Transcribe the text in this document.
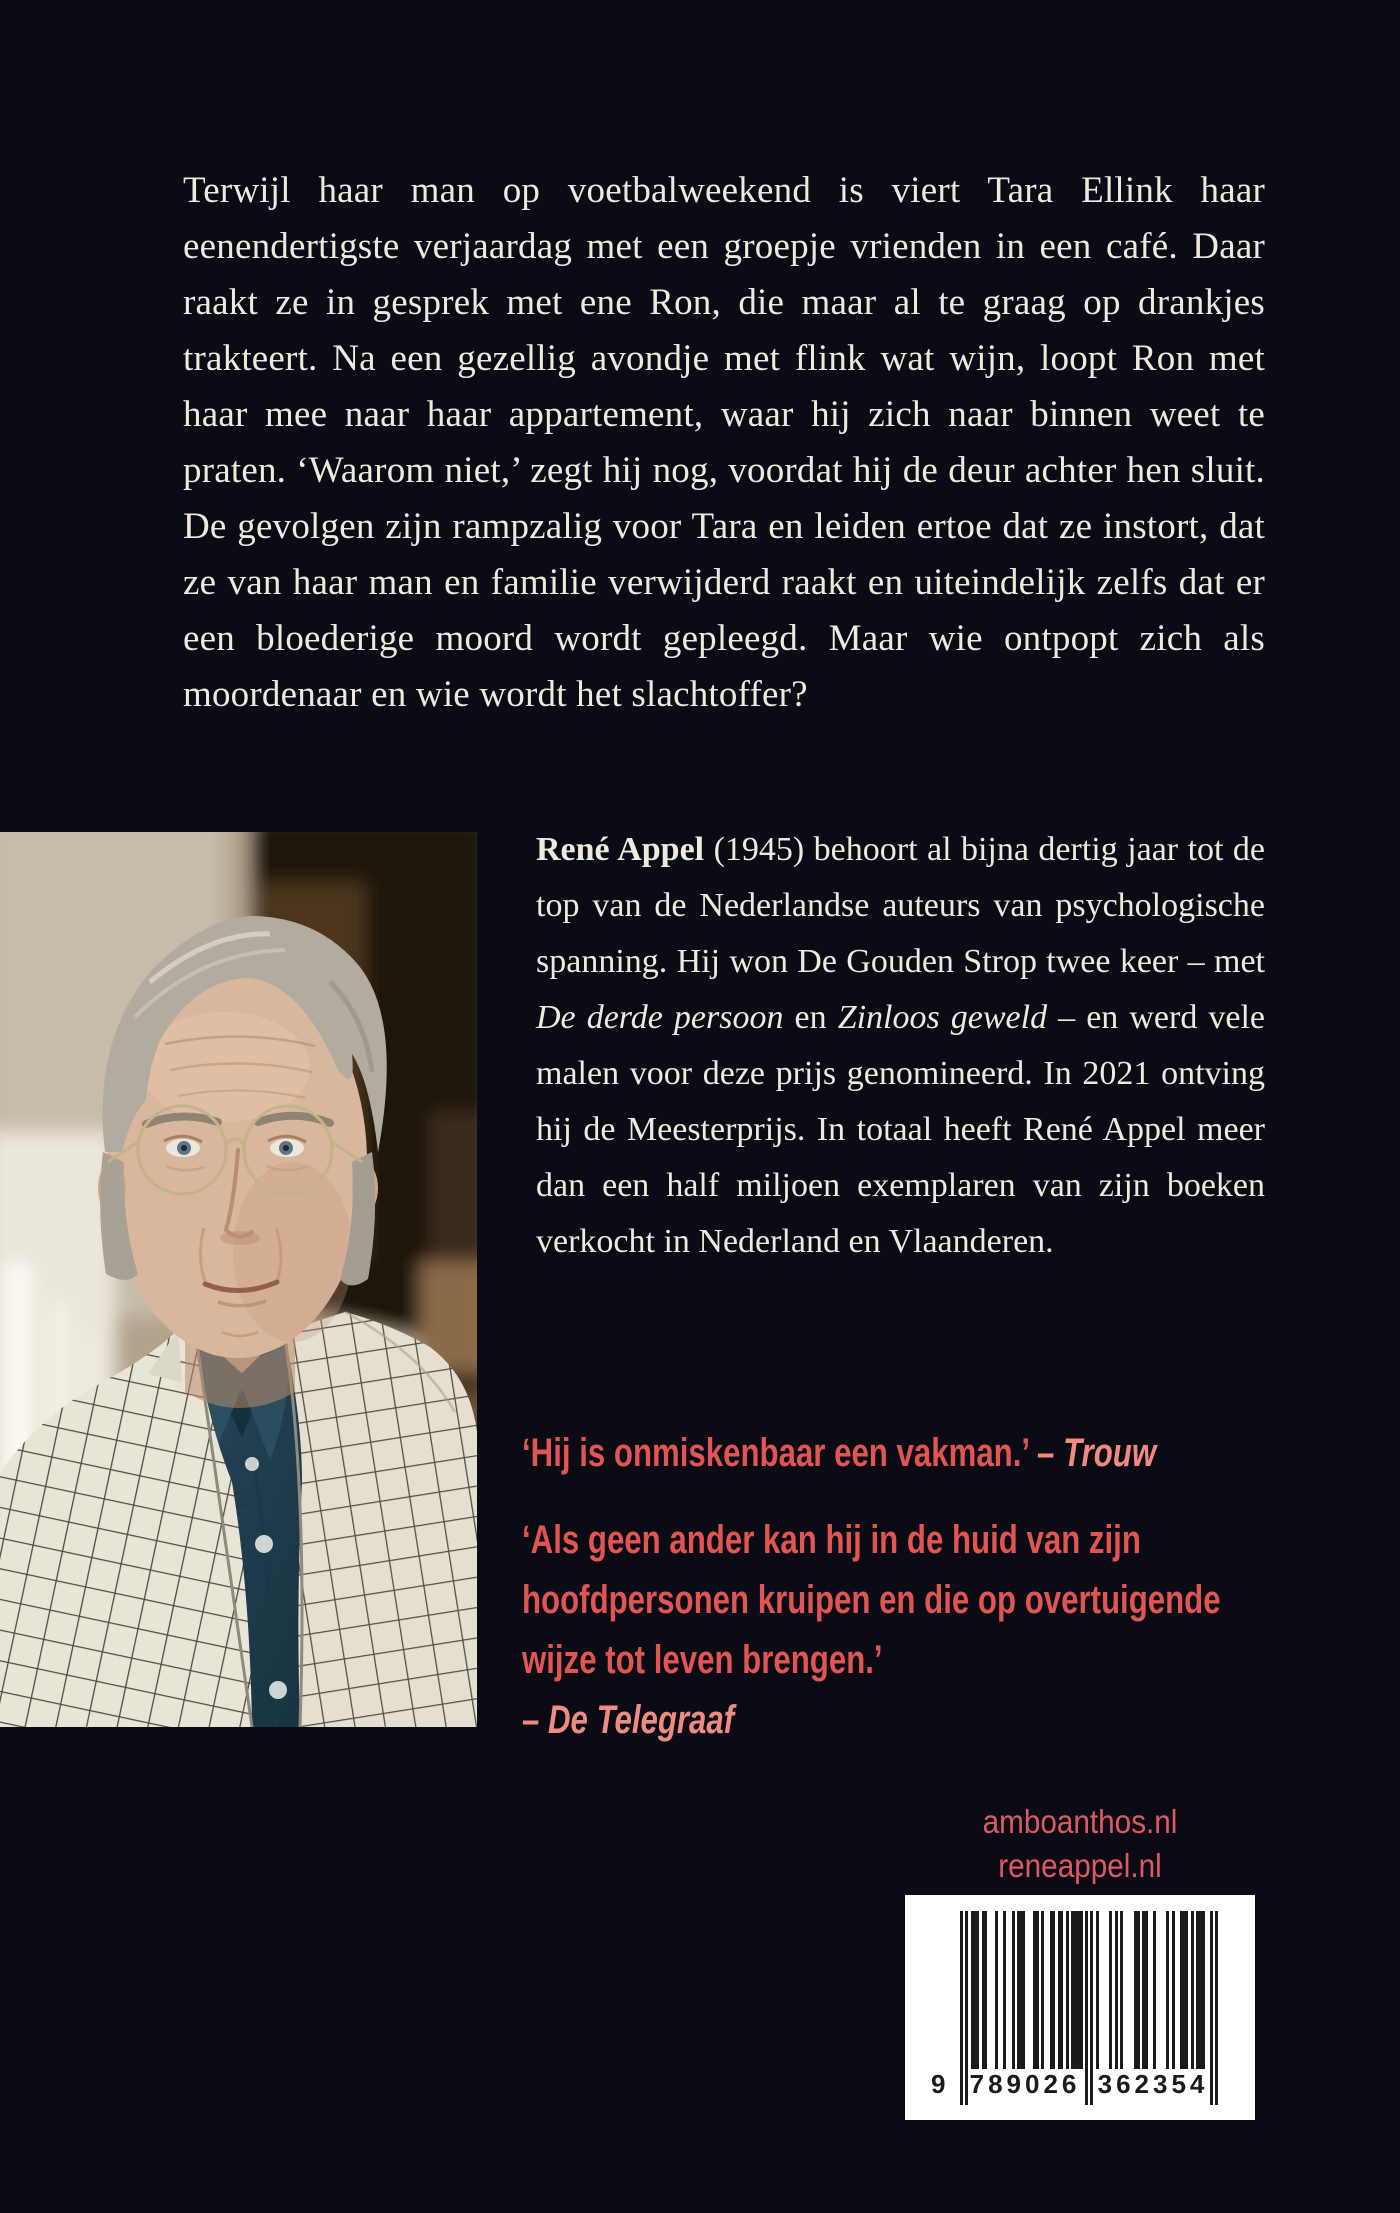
Terwijl haar man op voetbalweekend is viert Tara Ellink haar eenendertigste verjaardag met een groepje vrienden in een café. Daar raakt ze in gesprek met ene Ron, die maar al te graag op drankjes trakteert. Na een gezellig avondje met flink wat wijn, loopt Ron met haar mee naar haar appartement, waar hij zich naar binnen weet te praten. ‘Waarom niet,’ zegt hij nog, voordat hij de deur achter hen sluit. De gevolgen zijn rampzalig voor Tara en leiden ertoe dat ze instort, dat ze van haar man en familie verwijderd raakt en uiteindelijk zelfs dat er een bloederige moord wordt gepleegd. Maar wie ontpopt zich als moordenaar en wie wordt het slachtoffer?

René Appel (1945) behoort al bijna dertig jaar tot de top van de Nederlandse auteurs van psychologische spanning. Hij won De Gouden Strop twee keer – met De derde persoon en Zinloos geweld – en werd vele malen voor deze prijs genomineerd. In 2021 ontving hij de Meesterprijs. In totaal heeft René Appel meer dan een half miljoen exemplaren van zijn boeken verkocht in Nederland en Vlaanderen.

‘Hij is onmiskenbaar een vakman.’ – Trouw

‘Als geen ander kan hij in de huid van zijn hoofdpersonen kruipen en die op overtuigende wijze tot leven brengen.’
– De Telegraaf

amboanthos.nl
reneappel.nl
9 789026 362354
